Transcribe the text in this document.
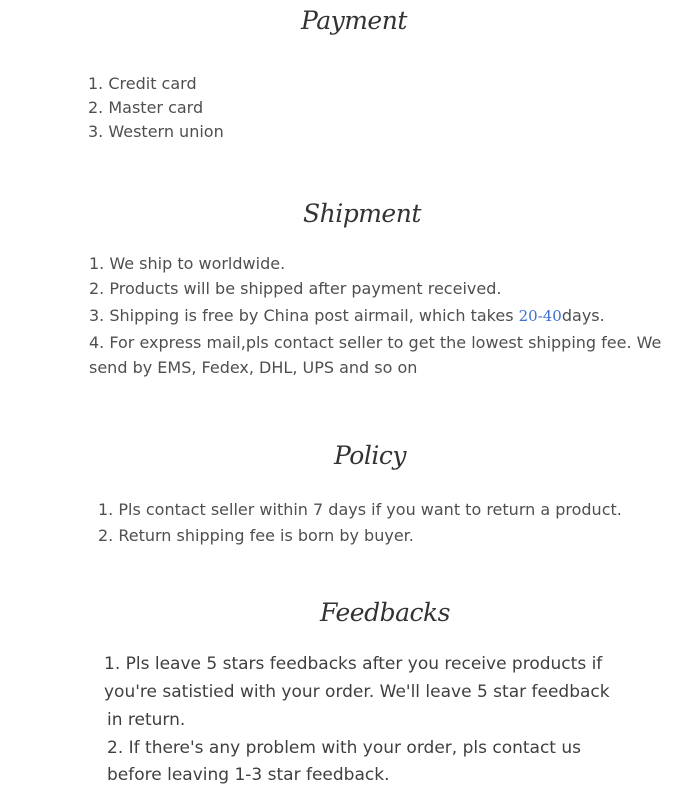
Payment

1. Credit card

2. Master card

3. Western union

Shipment

1. We ship to worldwide.

2. Products will be shipped after payment received.

3. Shipping is free by China post airmail, which takes 20-40days.

4. For express mail,pls contact seller to get the lowest shipping fee. We

send by EMS, Fedex, DHL, UPS and so on

Policy

1. Pls contact seller within 7 days if you want to return a product.

2. Return shipping fee is born by buyer.

Feedbacks

1. Pls leave 5 stars feedbacks after you receive products if

you're satistied with your order. We'll leave 5 star feedback

in return.

2. If there's any problem with your order, pls contact us

before leaving 1-3 star feedback.
